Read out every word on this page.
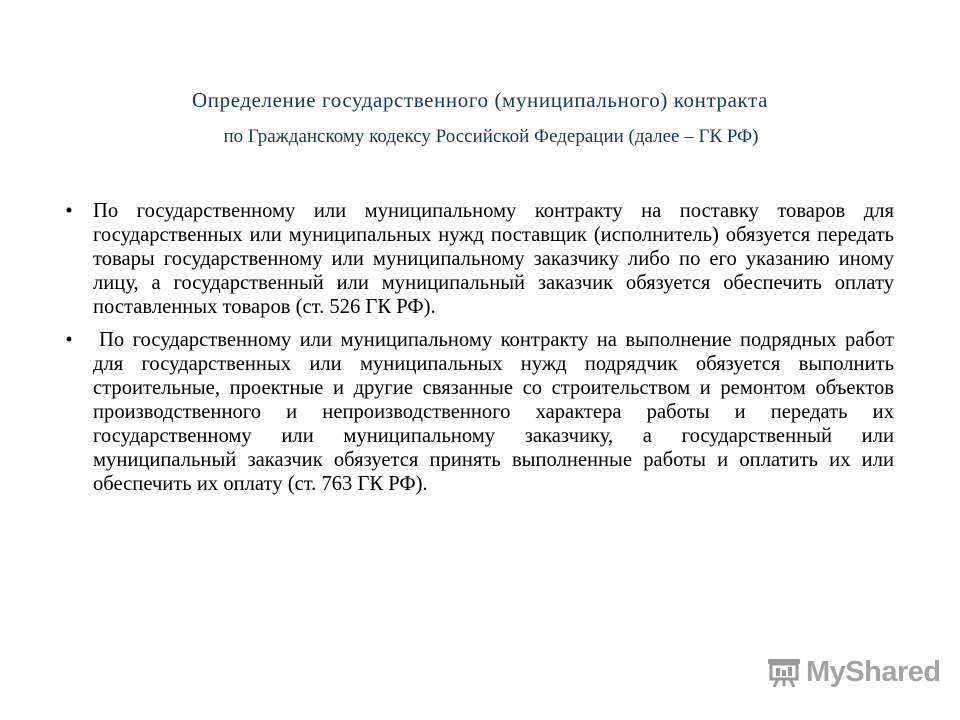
Определение государственного (муниципального) контракта
по Гражданскому кодексу Российской Федерации (далее – ГК РФ)
• По государственному или муниципальному контракту на поставку товаров для государственных или муниципальных нужд поставщик (исполнитель) обязуется передать товары государственному или муниципальному заказчику либо по его указанию иному лицу, а государственный или муниципальный заказчик обязуется обеспечить оплату поставленных товаров (ст. 526 ГК РФ).
•	По государственному или муниципальному контракту на выполнение подрядных работ для государственных или муниципальных нужд подрядчик обязуется выполнить строительные, проектные и другие связанные со строительством и ремонтом объектов производственного и непроизводственного характера работы и передать их государственному или муниципальному заказчику, а государственный или муниципальный заказчик обязуется принять выполненные работы и оплатить их или обеспечить их оплату (ст. 763 ГК РФ).
MyShared
